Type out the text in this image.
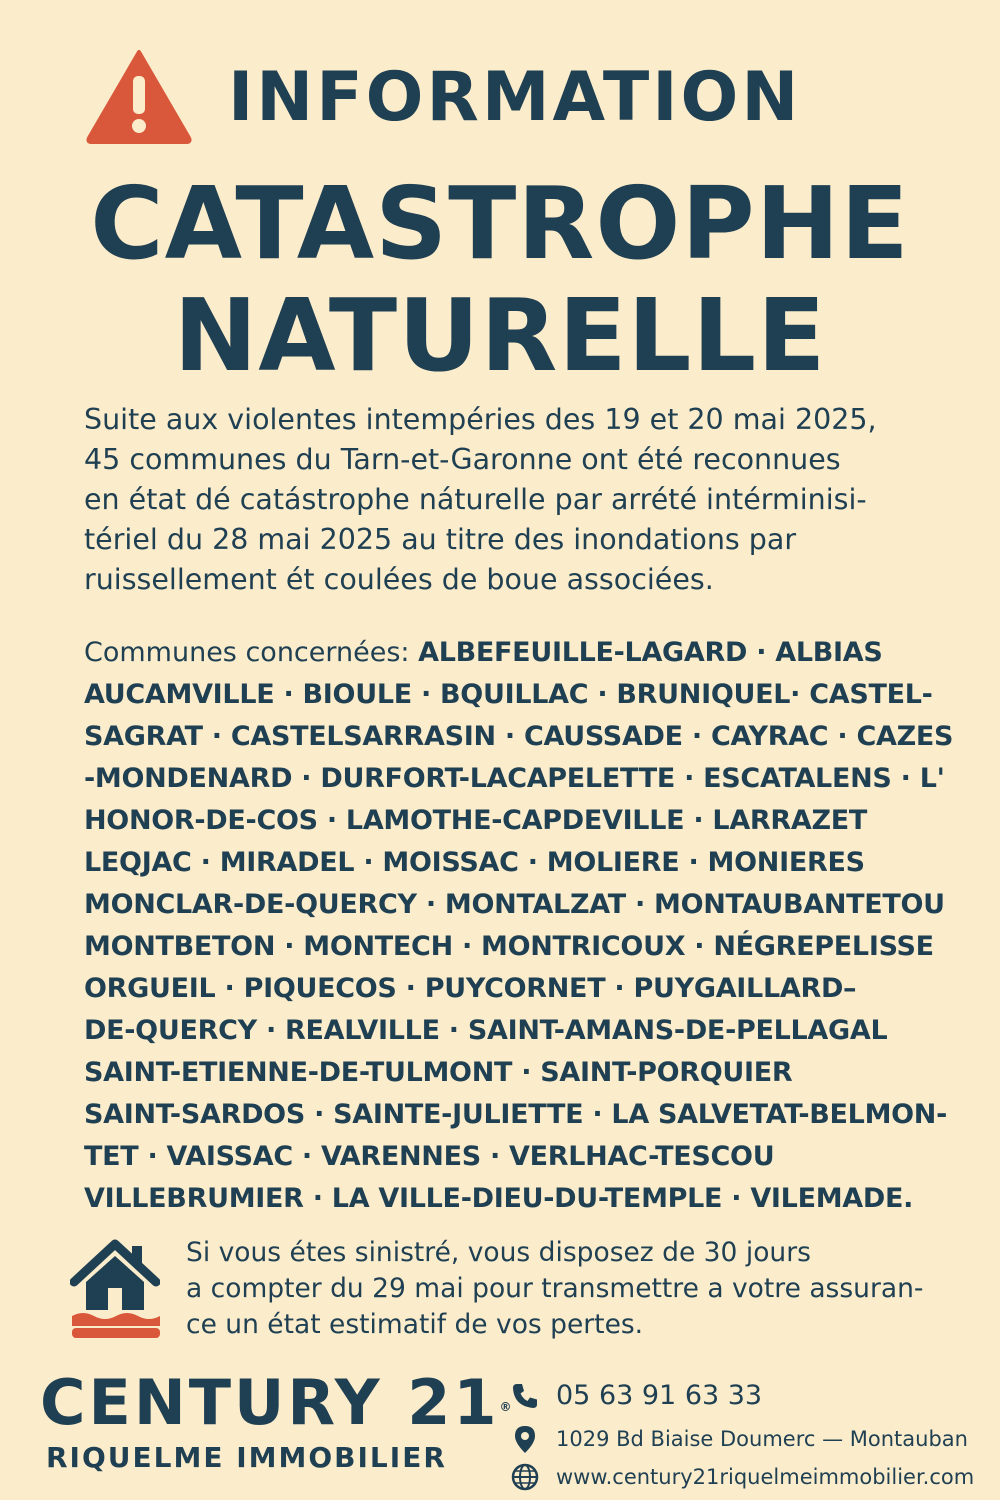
INFORMATION
CATASTROPHE
NATURELLE
Suite aux violentes intempéries des 19 et 20 mai 2025,
45 communes du Tarn-et-Garonne ont été reconnues
en état dé catástrophe náturelle par arrété intérminisi-
tériel du 28 mai 2025 au titre des inondations par
ruissellement ét coulées de boue associées.
Communes concernées: ALBEFEUILLE-LAGARD · ALBIAS
AUCAMVILLE · BIOULE · BQUILLAC · BRUNIQUEL· CASTEL-
SAGRAT · CASTELSARRASIN · CAUSSADE · CAYRAC · CAZES
-MONDENARD · DURFORT-LACAPELETTE · ESCATALENS · L'
HONOR-DE-COS · LAMOTHE-CAPDEVILLE · LARRAZET
LEQJAC · MIRADEL · MOISSAC · MOLIERE · MONIERES
MONCLAR-DE-QUERCY · MONTALZAT · MONTAUBANTETOU
MONTBETON · MONTECH · MONTRICOUX · NÉGREPELISSE
ORGUEIL · PIQUECOS · PUYCORNET · PUYGAILLARD–
DE-QUERCY · REALVILLE · SAINT-AMANS-DE-PELLAGAL
SAINT-ETIENNE-DE-TULMONT · SAINT-PORQUIER
SAINT-SARDOS · SAINTE-JULIETTE · LA SALVETAT-BELMON-
TET · VAISSAC · VARENNES · VERLHAC-TESCOU
VILLEBRUMIER · LA VILLE-DIEU-DU-TEMPLE · VILEMADE.
Si vous étes sinistré, vous disposez de 30 jours
a compter du 29 mai pour transmettre a votre assuran-
ce un état estimatif de vos pertes.
CENTURY 21®
RIQUELME IMMOBILIER
05 63 91 63 33
1029 Bd Biaise Doumerc — Montauban
www.century21riquelmeimmobilier.com
